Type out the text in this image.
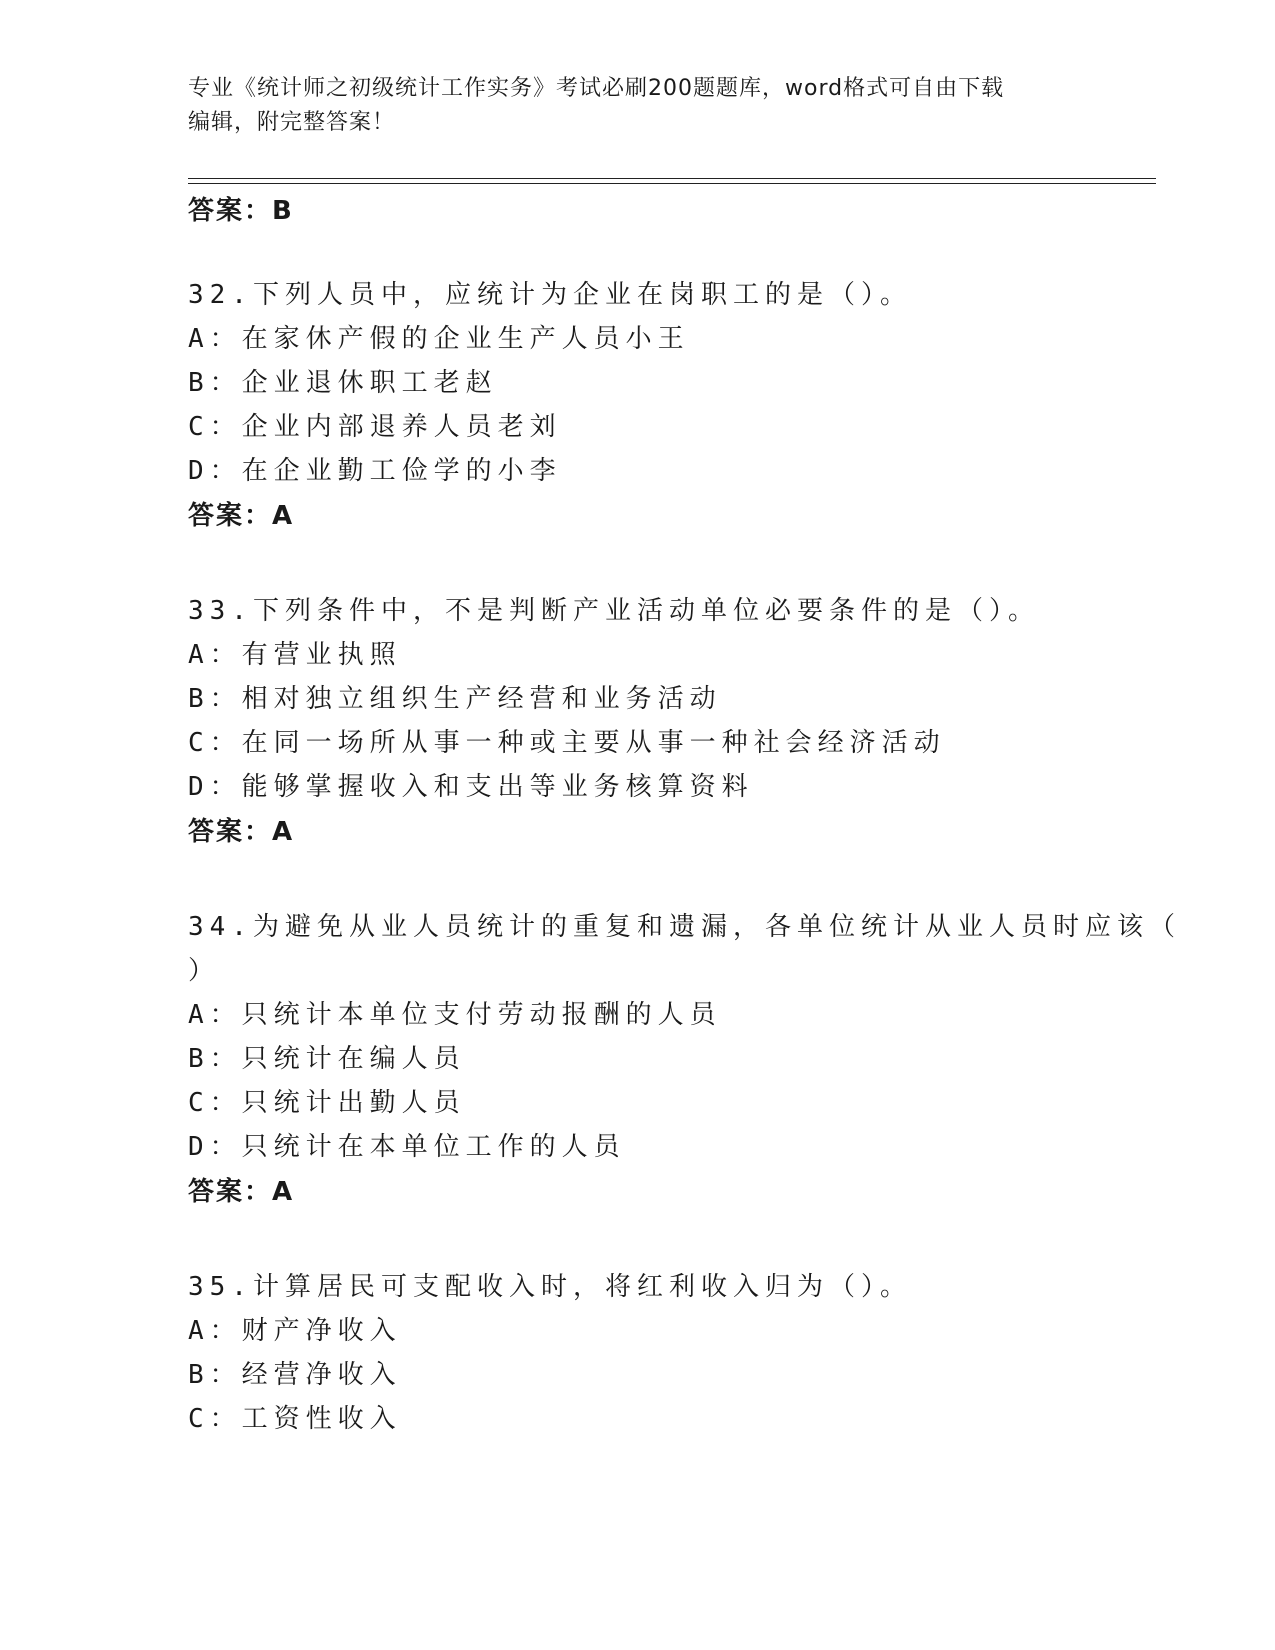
专业《统计师之初级统计工作实务》考试必刷200题题库，word格式可自由下载
编辑，附完整答案！
答案：B
32.下列人员中，应统计为企业在岗职工的是（）。
A：在家休产假的企业生产人员小王
B：企业退休职工老赵
C：企业内部退养人员老刘
D：在企业勤工俭学的小李
答案：A
33.下列条件中，不是判断产业活动单位必要条件的是（）。
A：有营业执照
B：相对独立组织生产经营和业务活动
C：在同一场所从事一种或主要从事一种社会经济活动
D：能够掌握收入和支出等业务核算资料
答案：A
34.为避免从业人员统计的重复和遗漏，各单位统计从业人员时应该（
）
A：只统计本单位支付劳动报酬的人员
B：只统计在编人员
C：只统计出勤人员
D：只统计在本单位工作的人员
答案：A
35.计算居民可支配收入时，将红利收入归为（）。
A：财产净收入
B：经营净收入
C：工资性收入
